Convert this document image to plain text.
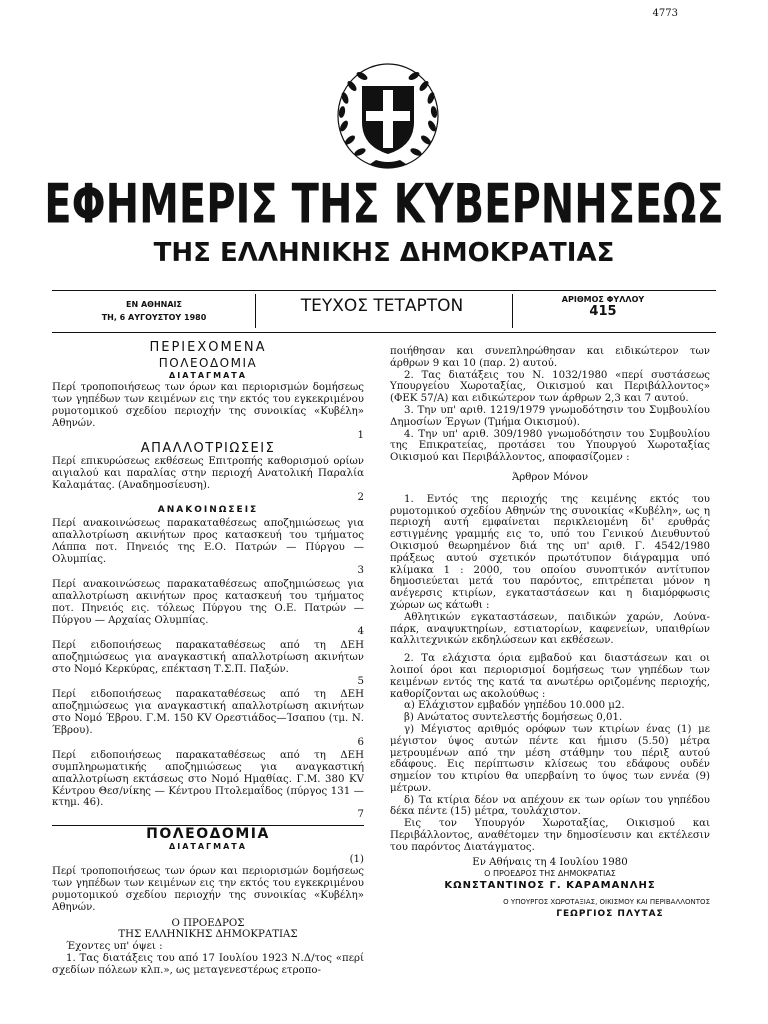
4773
ΕΦΗΜΕΡΙΣ ΤΗΣ ΚΥΒΕΡΝΗΣΕΩΣ
ΤΗΣ ΕΛΛΗΝΙΚΗΣ ΔΗΜΟΚΡΑΤΙΑΣ
ΕΝ ΑΘΗΝΑΙΣ
ΤΗ, 6 ΑΥΓΟΥΣΤΟΥ 1980
ΤΕΥΧΟΣ ΤΕΤΑΡΤΟΝ	ΑΡΙΘΜΟΣ ΦΥΛΛΟΥ
415
ΠΕΡΙΕΧΟΜΕΝΑ
ΠΟΛΕΟΔΟΜΙΑ
ΔΙΑΤΑΓΜΑΤΑ
Περί τροποποιήσεως των όρων και περιορισμών δομήσεως των γηπέδων των κειμένων εις την εκτός του εγκεκριμένου ρυμοτομικού σχεδίου περιοχήν της συνοικίας «Κυβέλη» Αθηνών.
1
ΑΠΑΛΛΟΤΡΙΩΣΕΙΣ
Περί επικυρώσεως εκθέσεως Επιτροπής καθορισμού ορίων αιγιαλού και παραλίας στην περιοχή Ανατολική Παραλία Καλαμάτας. (Αναδημοσίευση).
2
ΑΝΑΚΟΙΝΩΣΕΙΣ
Περί ανακοινώσεως παρακαταθέσεως αποζημιώσεως για απαλλοτρίωση ακινήτων προς κατασκευή του τμήματος Λάππα ποτ. Πηνειός της Ε.Ο. Πατρών — Πύργου — Ολυμπίας.
3
Περί ανακοινώσεως παρακαταθέσεως αποζημιώσεως για απαλλοτρίωση ακινήτων προς κατασκευή του τμήματος ποτ. Πηνειός εις. τόλεως Πύργου της Ο.Ε. Πατρών — Πύργου — Αρχαίας Ολυμπίας.
4
Περί ειδοποιήσεως παρακαταθέσεως από τη ΔΕΗ αποζημιώσεως για αναγκαστική απαλλοτρίωση ακινήτων στο Νομό Κερκύρας, επέκταση Τ.Σ.Π. Παξών.
5
Περί ειδοποιήσεως παρακαταθέσεως από τη ΔΕΗ αποζημιώσεως για αναγκαστική απαλλοτρίωση ακινήτων στο Νομό Έβρου. Γ.Μ. 150 KV Ορεστιάδος—Ίσαπου (τμ. Ν. Έβρου).
6
Περί ειδοποιήσεως παρακαταθέσεως από τη ΔΕΗ συμπληρωματικής αποζημιώσεως για αναγκαστική απαλλοτρίωση εκτάσεως στο Νομό Ημαθίας. Γ.Μ. 380 KV Κέντρου Θεσ/νίκης — Κέντρου Πτολεμαΐδος (πύργος 131 — κτημ. 46).
7
ΠΟΛΕΟΔΟΜΙΑ
ΔΙΑΤΑΓΜΑΤΑ
(1)
Περί τροποποιήσεως των όρων και περιορισμών δομήσεως των γηπέδων των κειμένων εις την εκτός του εγκεκριμένου ρυμοτομικού σχεδίου περιοχήν της συνοικίας «Κυβέλη» Αθηνών.
Ο ΠΡΟΕΔΡΟΣ
ΤΗΣ ΕΛΛΗΝΙΚΗΣ ΔΗΜΟΚΡΑΤΙΑΣ

Έχοντες υπ' όψει :

1. Τας διατάξεις του από 17 Ιουλίου 1923 Ν.Δ/τος «περί σχεδίων πόλεων κλπ.», ως μεταγενεστέρως ετροπο-

ποιήθησαν και συνεπληρώθησαν και ειδικώτερον των άρθρων 9 και 10 (παρ. 2) αυτού.

2. Τας διατάξεις του Ν. 1032/1980 «περί συστάσεως Υπουργείου Χωροταξίας, Οικισμού και Περιβάλλοντος» (ΦΕΚ 57/Α) και ειδικώτερον των άρθρων 2,3 και 7 αυτού.

3. Την υπ' αριθ. 1219/1979 γνωμοδότησιν του Συμβουλίου Δημοσίων Έργων (Τμήμα Οικισμού).

4. Την υπ' αριθ. 309/1980 γνωμοδότησιν του Συμβουλίου της Επικρατείας, προτάσει του Υπουργού Χωροταξίας Οικισμού και Περιβάλλοντος, αποφασίζομεν :

Άρθρον Μόνον

1. Εντός της περιοχής της κειμένης εκτός του ρυμοτομικού σχεδίου Αθηνών της συνοικίας «Κυβέλη», ως η περιοχή αυτή εμφαίνεται περικλειομένη δι' ερυθράς εστιγμένης γραμμής εις το, υπό του Γενικού Διευθυντού Οικισμού θεωρημένον διά της υπ' αριθ. Γ. 4542/1980 πράξεως αυτού σχετικόν πρωτότυπον διάγραμμα υπό κλίμακα 1 : 2000, του οποίου συνοπτικόν αντίτυπον δημοσιεύεται μετά του παρόντος, επιτρέπεται μόνον η ανέγερσις κτιρίων, εγκαταστάσεων και η διαμόρφωσις χώρων ως κάτωθι :

Αθλητικών εγκαταστάσεων, παιδικών χαρών, Λούνα-πάρκ, αναψυκτηρίων, εστιατορίων, καφενείων, υπαιθρίων καλλιτεχνικών εκδηλώσεων και εκθέσεων.

2. Τα ελάχιστα όρια εμβαδού και διαστάσεων και οι λοιποί όροι και περιορισμοί δομήσεως των γηπέδων των κειμένων εντός της κατά τα ανωτέρω οριζομένης περιοχής, καθορίζονται ως ακολούθως :

α) Ελάχιστον εμβαδόν γηπέδου 10.000 μ2.

β) Ανώτατος συντελεστής δομήσεως 0,01.

γ) Μέγιστος αριθμός ορόφων των κτιρίων ένας (1) με μέγιστον ύψος αυτών πέντε και ήμισυ (5.50) μέτρα μετρουμένων από την μέση στάθμην του πέριξ αυτού εδάφους. Εις περίπτωσιν κλίσεως του εδάφους ουδέν σημείον του κτιρίου θα υπερβαίνη το ύψος των εννέα (9) μέτρων.

δ) Τα κτίρια δέον να απέχουν εκ των ορίων του γηπέδου δέκα πέντε (15) μέτρα, τουλάχιστον.

Εις τον Υπουργόν Χωροταξίας, Οικισμού και Περιβάλλοντος, αναθέτομεν την δημοσίευσιν και εκτέλεσιν του παρόντος Διατάγματος.

Εν Αθήναις τη 4 Ιουλίου 1980
Ο ΠΡΟΕΔΡΟΣ ΤΗΣ ΔΗΜΟΚΡΑΤΙΑΣ
ΚΩΝΣΤΑΝΤΙΝΟΣ Γ. ΚΑΡΑΜΑΝΛΗΣ
Ο ΥΠΟΥΡΓΟΣ ΧΩΡΟΤΑΞΙΑΣ, ΟΙΚΙΣΜΟΥ ΚΑΙ ΠΕΡΙΒΑΛΛΟΝΤΟΣ
ΓΕΩΡΓΙΟΣ ΠΛΥΤΑΣ
